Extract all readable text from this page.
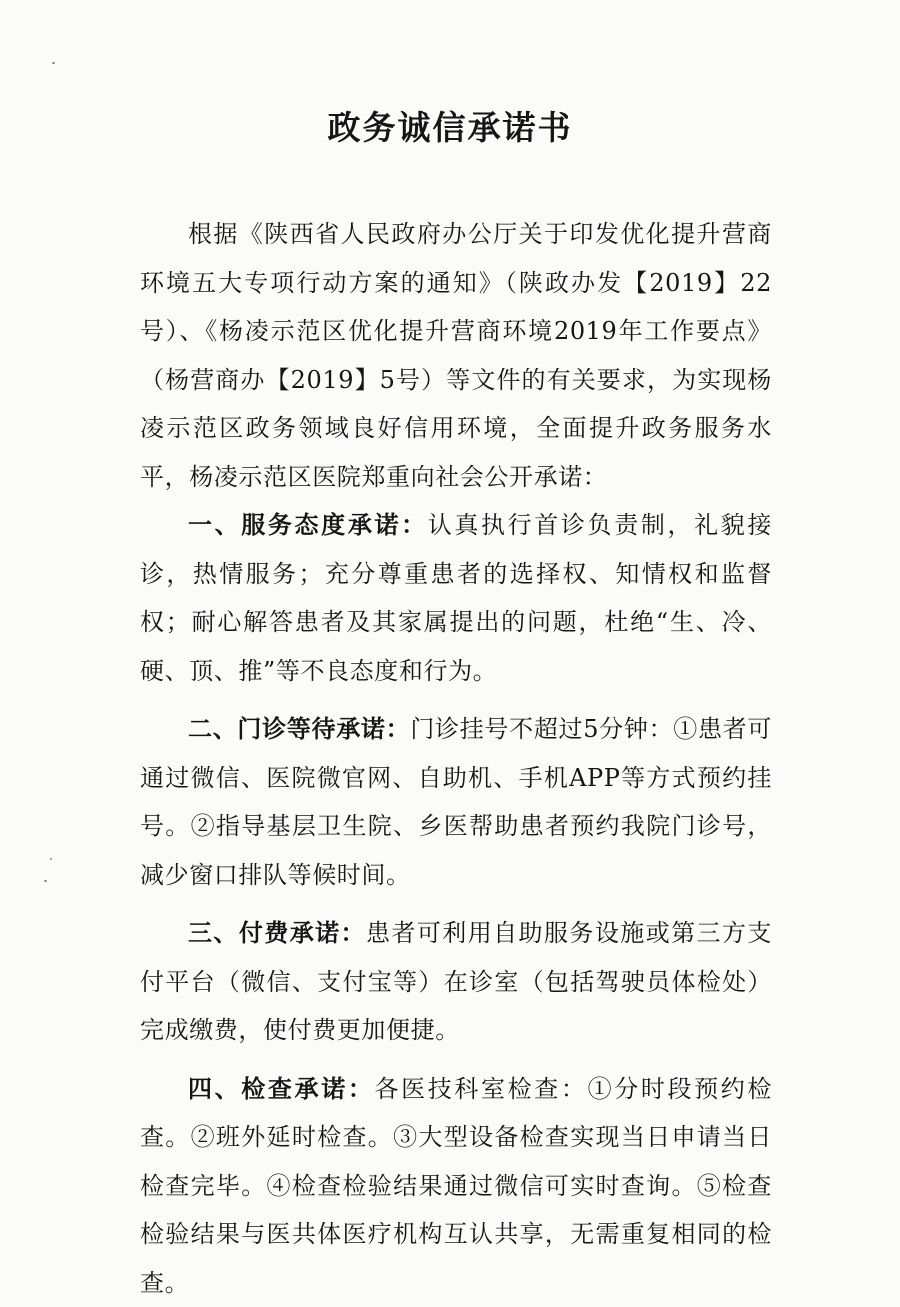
政务诚信承诺书

根据《陕西省人民政府办公厅关于印发优化提升营商环境五大专项行动方案的通知》（陕政办发【2019】22号）、《杨凌示范区优化提升营商环境2019年工作要点》（杨营商办【2019】5号）等文件的有关要求，为实现杨凌示范区政务领域良好信用环境，全面提升政务服务水平，杨凌示范区医院郑重向社会公开承诺：

一、服务态度承诺：认真执行首诊负责制，礼貌接诊，热情服务；充分尊重患者的选择权、知情权和监督权；耐心解答患者及其家属提出的问题，杜绝“生、冷、硬、顶、推”等不良态度和行为。

二、门诊等待承诺：门诊挂号不超过5分钟：①患者可通过微信、医院微官网、自助机、手机APP等方式预约挂号。②指导基层卫生院、乡医帮助患者预约我院门诊号，减少窗口排队等候时间。

三、付费承诺：患者可利用自助服务设施或第三方支付平台（微信、支付宝等）在诊室（包括驾驶员体检处）完成缴费，使付费更加便捷。

四、检查承诺：各医技科室检查：①分时段预约检查。②班外延时检查。③大型设备检查实现当日申请当日检查完毕。④检查检验结果通过微信可实时查询。⑤检查检验结果与医共体医疗机构互认共享，无需重复相同的检查。
